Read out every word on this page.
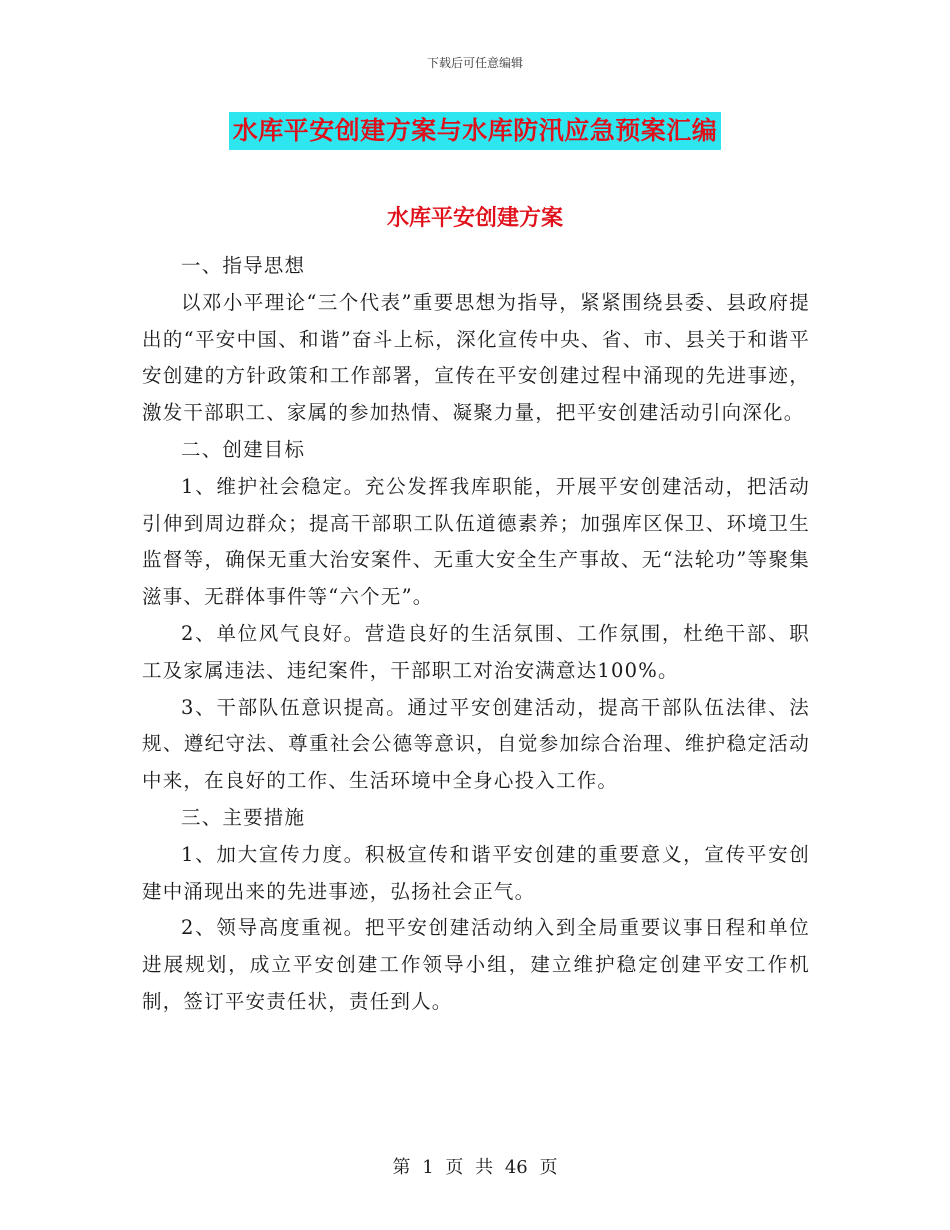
下载后可任意编辑
水库平安创建方案与水库防汛应急预案汇编
水库平安创建方案

一、指导思想

以邓小平理论“三个代表”重要思想为指导，紧紧围绕县委、县政府提出的“平安中国、和谐”奋斗上标，深化宣传中央、省、市、县关于和谐平安创建的方针政策和工作部署，宣传在平安创建过程中涌现的先进事迹，激发干部职工、家属的参加热情、凝聚力量，把平安创建活动引向深化。

二、创建目标

1、维护社会稳定。充公发挥我库职能，开展平安创建活动，把活动引伸到周边群众；提高干部职工队伍道德素养；加强库区保卫、环境卫生监督等，确保无重大治安案件、无重大安全生产事故、无“法轮功”等聚集滋事、无群体事件等“六个无”。

2、单位风气良好。营造良好的生活氛围、工作氛围，杜绝干部、职工及家属违法、违纪案件，干部职工对治安满意达100%。

3、干部队伍意识提高。通过平安创建活动，提高干部队伍法律、法规、遵纪守法、尊重社会公德等意识，自觉参加综合治理、维护稳定活动中来，在良好的工作、生活环境中全身心投入工作。

三、主要措施

1、加大宣传力度。积极宣传和谐平安创建的重要意义，宣传平安创建中涌现出来的先进事迹，弘扬社会正气。

2、领导高度重视。把平安创建活动纳入到全局重要议事日程和单位进展规划，成立平安创建工作领导小组，建立维护稳定创建平安工作机制，签订平安责任状，责任到人。

第 1 页 共 46 页
